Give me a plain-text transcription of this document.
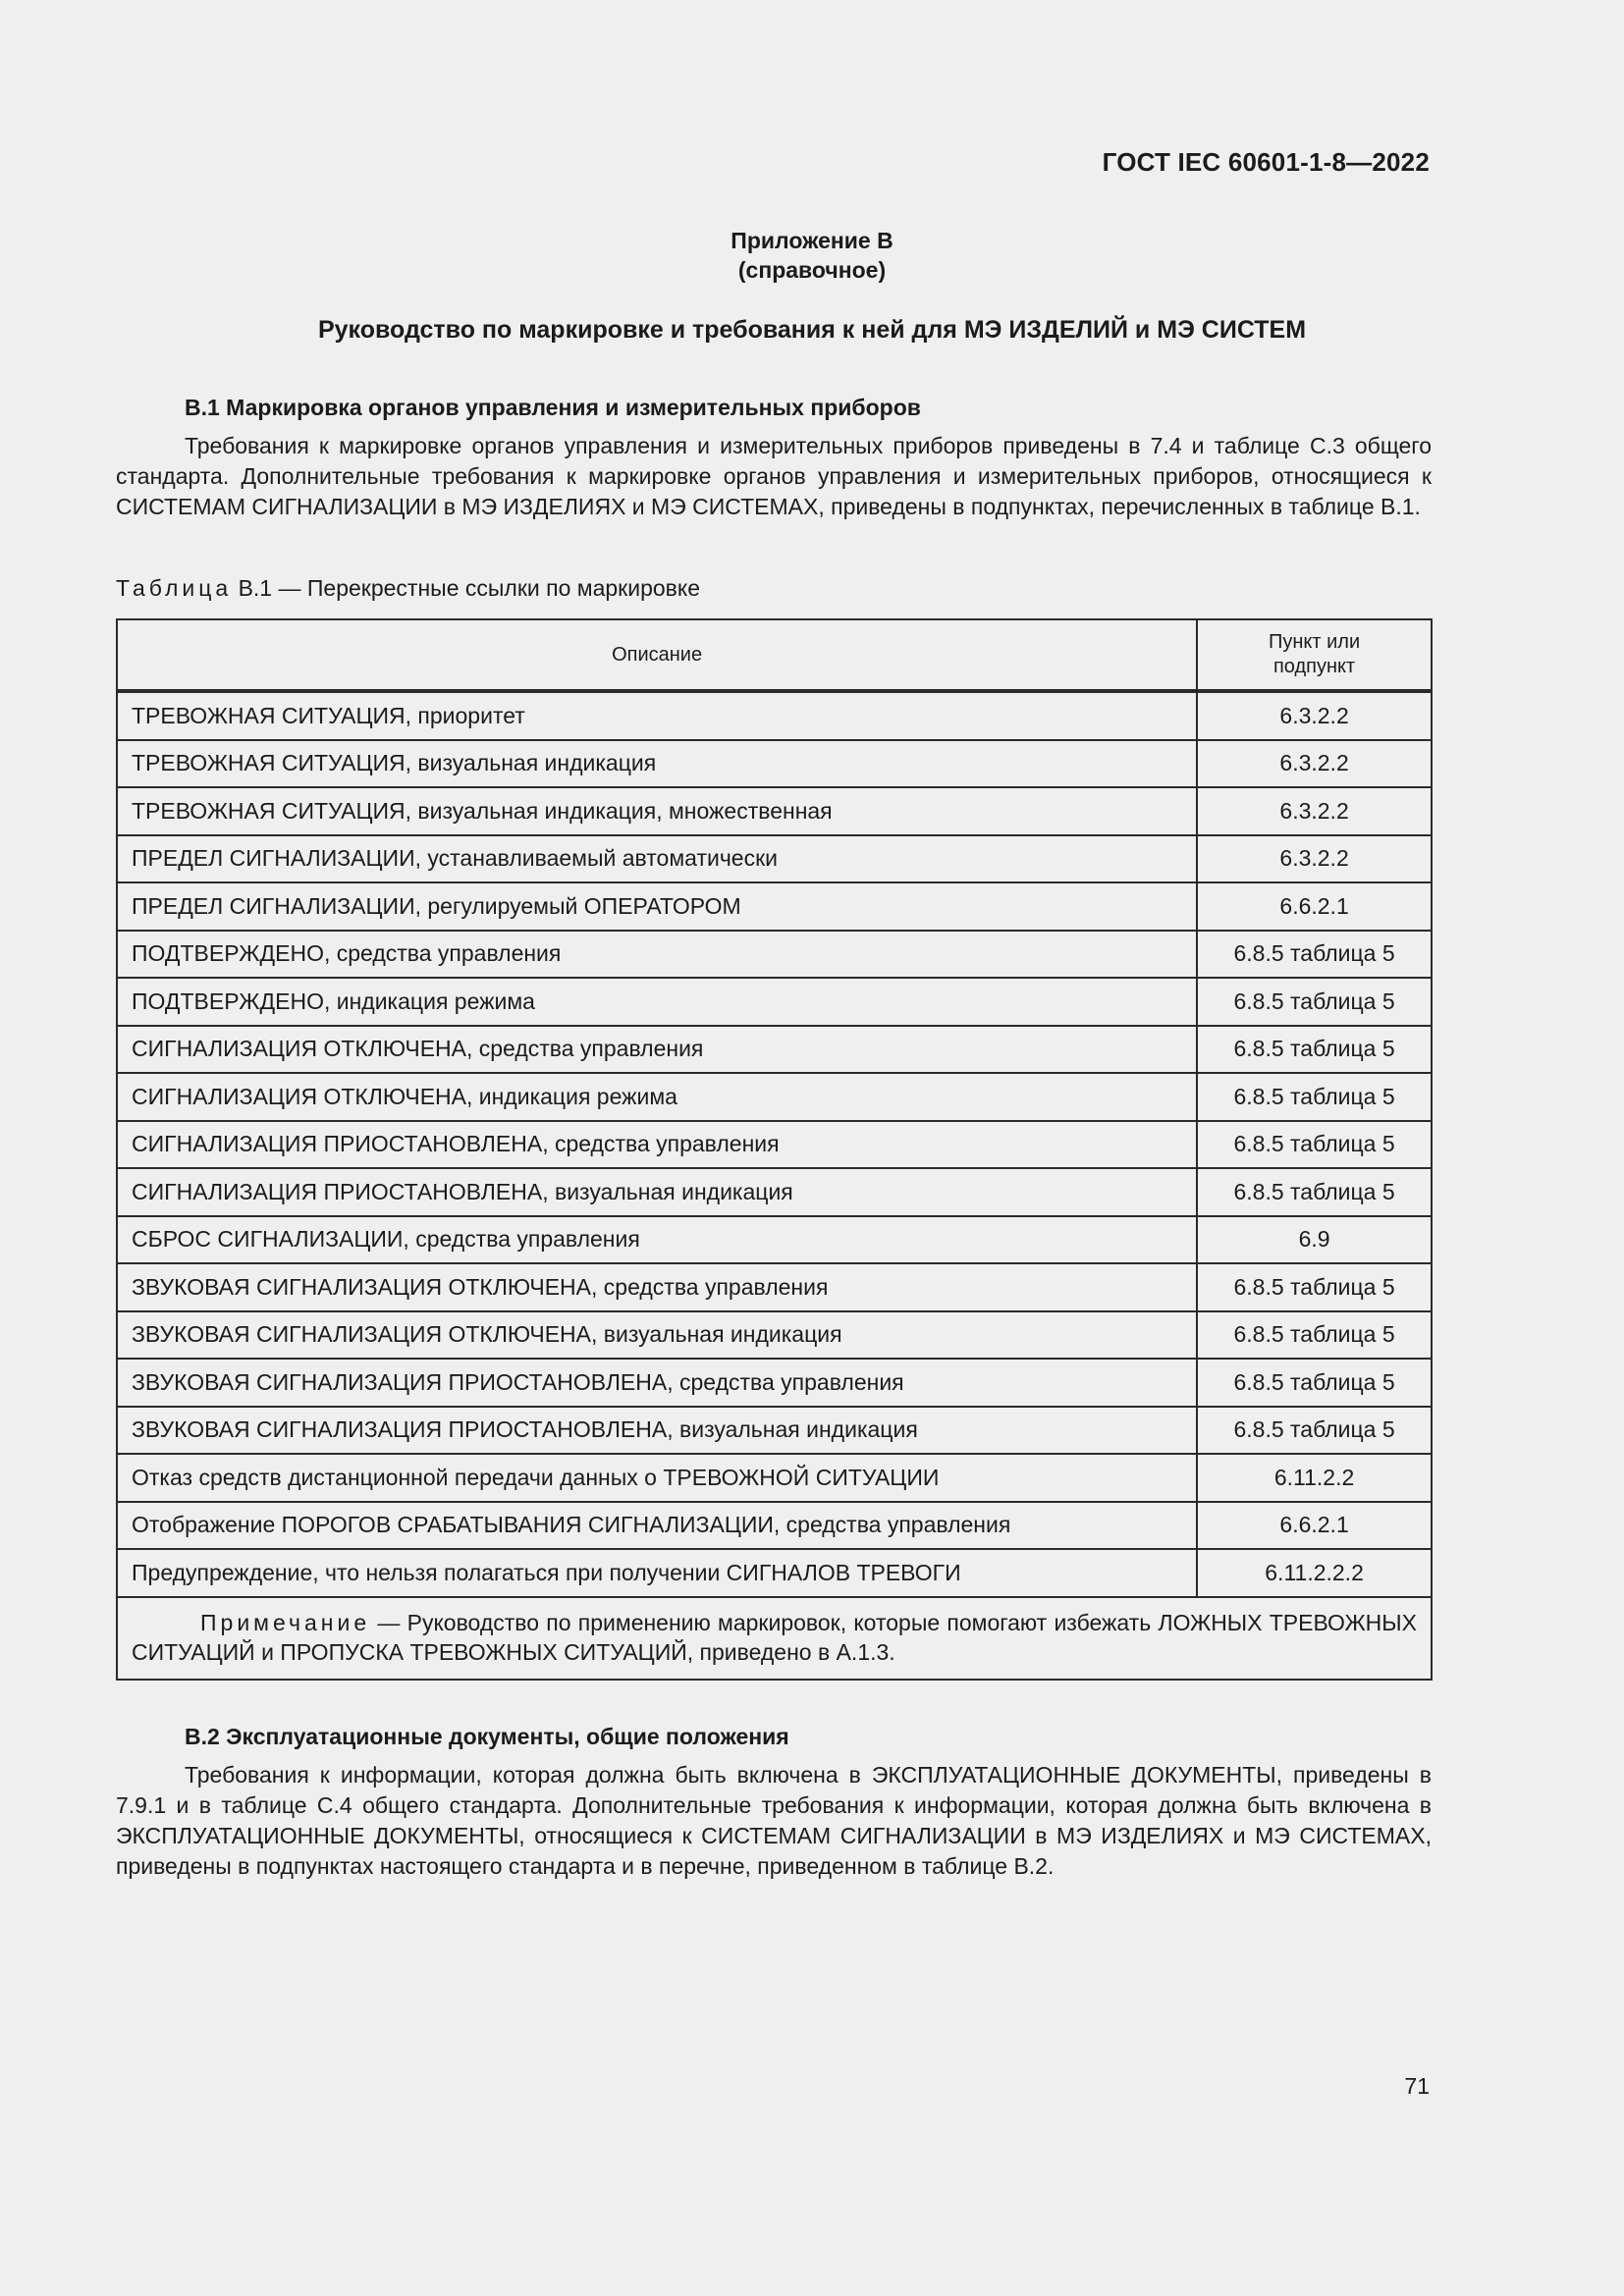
ГОСТ IEC 60601-1-8—2022
Приложение В
(справочное)
Руководство по маркировке и требования к ней для МЭ ИЗДЕЛИЙ и МЭ СИСТЕМ

В.1 Маркировка органов управления и измерительных приборов

Требования к маркировке органов управления и измерительных приборов приведены в 7.4 и таблице С.3 общего стандарта. Дополнительные требования к маркировке органов управления и измерительных приборов, относящиеся к СИСТЕМАМ СИГНАЛИЗАЦИИ в МЭ ИЗДЕЛИЯХ и МЭ СИСТЕМАХ, приведены в подпунктах, перечисленных в таблице В.1.

Таблица В.1 — Перекрестные ссылки по маркировке
Описание	Пункт или подпункт
ТРЕВОЖНАЯ СИТУАЦИЯ, приоритет	6.3.2.2
ТРЕВОЖНАЯ СИТУАЦИЯ, визуальная индикация	6.3.2.2
ТРЕВОЖНАЯ СИТУАЦИЯ, визуальная индикация, множественная	6.3.2.2
ПРЕДЕЛ СИГНАЛИЗАЦИИ, устанавливаемый автоматически	6.3.2.2
ПРЕДЕЛ СИГНАЛИЗАЦИИ, регулируемый ОПЕРАТОРОМ	6.6.2.1
ПОДТВЕРЖДЕНО, средства управления	6.8.5 таблица 5
ПОДТВЕРЖДЕНО, индикация режима	6.8.5 таблица 5
СИГНАЛИЗАЦИЯ ОТКЛЮЧЕНА, средства управления	6.8.5 таблица 5
СИГНАЛИЗАЦИЯ ОТКЛЮЧЕНА, индикация режима	6.8.5 таблица 5
СИГНАЛИЗАЦИЯ ПРИОСТАНОВЛЕНА, средства управления	6.8.5 таблица 5
СИГНАЛИЗАЦИЯ ПРИОСТАНОВЛЕНА, визуальная индикация	6.8.5 таблица 5
СБРОС СИГНАЛИЗАЦИИ, средства управления	6.9
ЗВУКОВАЯ СИГНАЛИЗАЦИЯ ОТКЛЮЧЕНА, средства управления	6.8.5 таблица 5
ЗВУКОВАЯ СИГНАЛИЗАЦИЯ ОТКЛЮЧЕНА, визуальная индикация	6.8.5 таблица 5
ЗВУКОВАЯ СИГНАЛИЗАЦИЯ ПРИОСТАНОВЛЕНА, средства управления	6.8.5 таблица 5
ЗВУКОВАЯ СИГНАЛИЗАЦИЯ ПРИОСТАНОВЛЕНА, визуальная индикация	6.8.5 таблица 5
Отказ средств дистанционной передачи данных о ТРЕВОЖНОЙ СИТУАЦИИ	6.11.2.2
Отображение ПОРОГОВ СРАБАТЫВАНИЯ СИГНАЛИЗАЦИИ, средства управления	6.6.2.1
Предупреждение, что нельзя полагаться при получении СИГНАЛОВ ТРЕВОГИ	6.11.2.2.2
Примечание — Руководство по применению маркировок, которые помогают избежать ЛОЖНЫХ ТРЕВОЖНЫХ СИТУАЦИЙ и ПРОПУСКА ТРЕВОЖНЫХ СИТУАЦИЙ, приведено в А.1.3.	

В.2 Эксплуатационные документы, общие положения

Требования к информации, которая должна быть включена в ЭКСПЛУАТАЦИОННЫЕ ДОКУМЕНТЫ, приведены в 7.9.1 и в таблице С.4 общего стандарта. Дополнительные требования к информации, которая должна быть включена в ЭКСПЛУАТАЦИОННЫЕ ДОКУМЕНТЫ, относящиеся к СИСТЕМАМ СИГНАЛИЗАЦИИ в МЭ ИЗДЕЛИЯХ и МЭ СИСТЕМАХ, приведены в подпунктах настоящего стандарта и в перечне, приведенном в таблице В.2.

71
